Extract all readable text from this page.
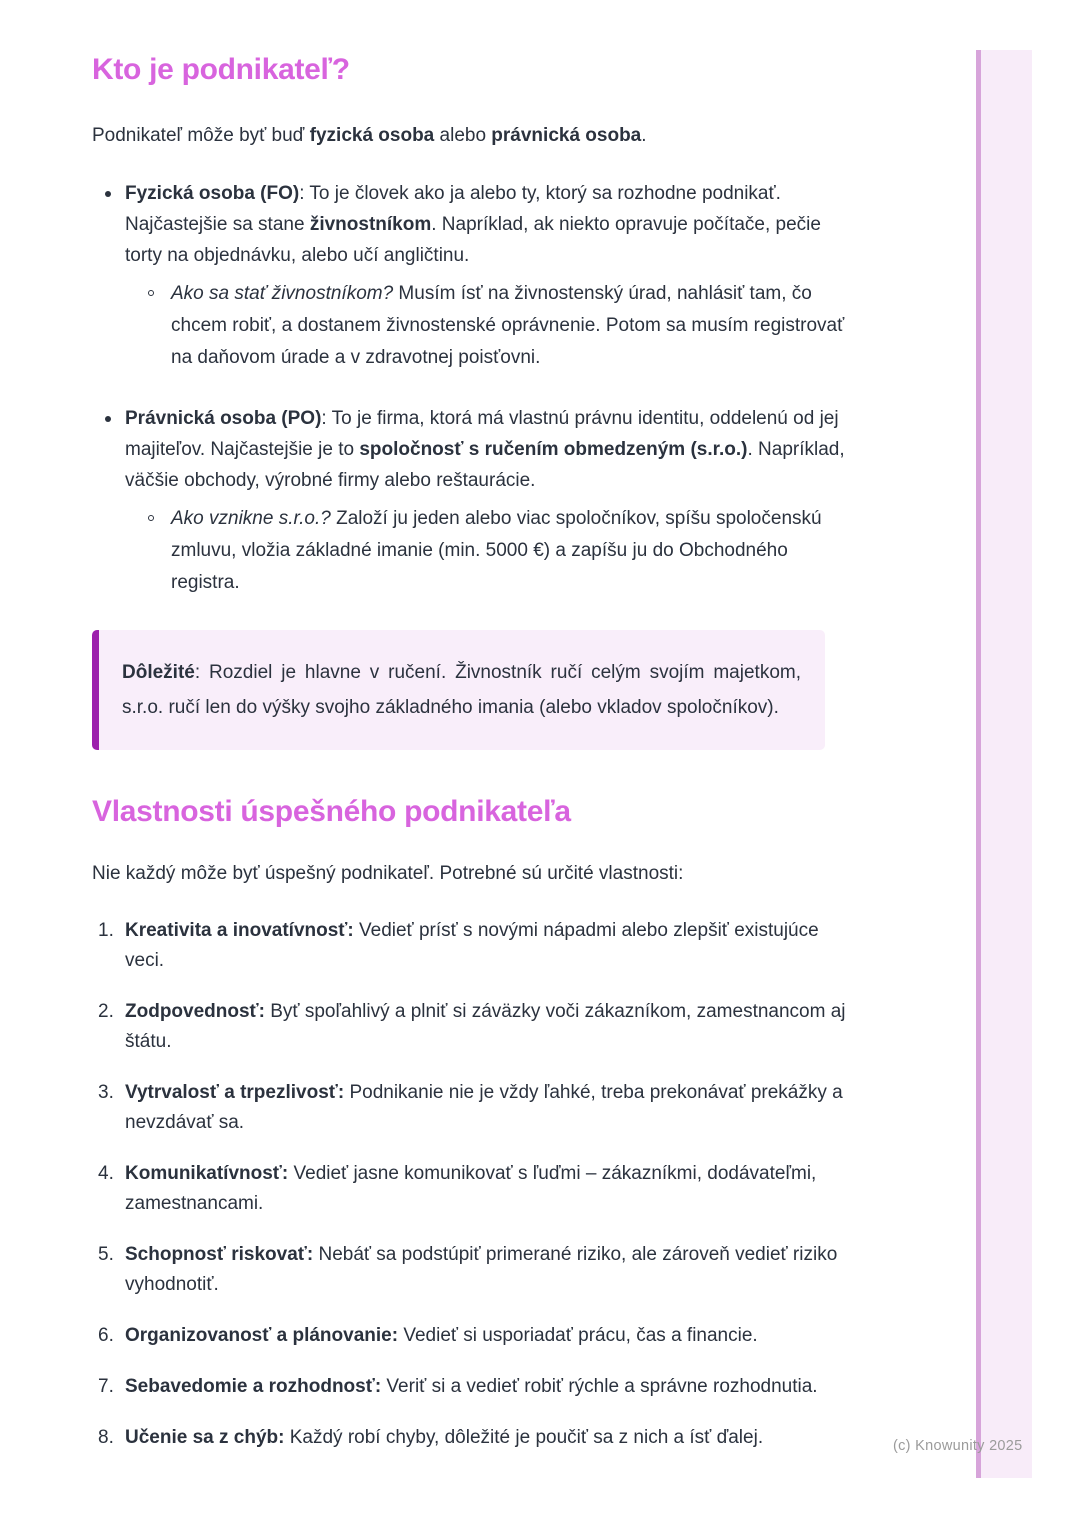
Kto je podnikateľ?

Podnikateľ môže byť buď fyzická osoba alebo právnická osoba.

Fyzická osoba (FO): To je človek ako ja alebo ty, ktorý sa rozhodne podnikať. Najčastejšie sa stane živnostníkom. Napríklad, ak niekto opravuje počítače, pečie torty na objednávku, alebo učí angličtinu.
Ako sa stať živnostníkom? Musím ísť na živnostenský úrad, nahlásiť tam, čo chcem robiť, a dostanem živnostenské oprávnenie. Potom sa musím registrovať na daňovom úrade a v zdravotnej poisťovni.
Právnická osoba (PO): To je firma, ktorá má vlastnú právnu identitu, oddelenú od jej majiteľov. Najčastejšie je to spoločnosť s ručením obmedzeným (s.r.o.). Napríklad, väčšie obchody, výrobné firmy alebo reštaurácie.
Ako vznikne s.r.o.? Založí ju jeden alebo viac spoločníkov, spíšu spoločenskú zmluvu, vložia základné imanie (min. 5000 €) a zapíšu ju do Obchodného registra.

Dôležité: Rozdiel je hlavne v ručení. Živnostník ručí celým svojím majetkom, s.r.o. ručí len do výšky svojho základného imania (alebo vkladov spoločníkov).

Vlastnosti úspešného podnikateľa

Nie každý môže byť úspešný podnikateľ. Potrebné sú určité vlastnosti:

Kreativita a inovatívnosť: Vedieť prísť s novými nápadmi alebo zlepšiť existujúce veci.
Zodpovednosť: Byť spoľahlivý a plniť si záväzky voči zákazníkom, zamestnancom aj štátu.
Vytrvalosť a trpezlivosť: Podnikanie nie je vždy ľahké, treba prekonávať prekážky a nevzdávať sa.
Komunikatívnosť: Vedieť jasne komunikovať s ľuďmi – zákazníkmi, dodávateľmi, zamestnancami.
Schopnosť riskovať: Nebáť sa podstúpiť primerané riziko, ale zároveň vedieť riziko vyhodnotiť.
Organizovanosť a plánovanie: Vedieť si usporiadať prácu, čas a financie.
Sebavedomie a rozhodnosť: Veriť si a vedieť robiť rýchle a správne rozhodnutia.
Učenie sa z chýb: Každý robí chyby, dôležité je poučiť sa z nich a ísť ďalej.	(c) Knowunity 2025
